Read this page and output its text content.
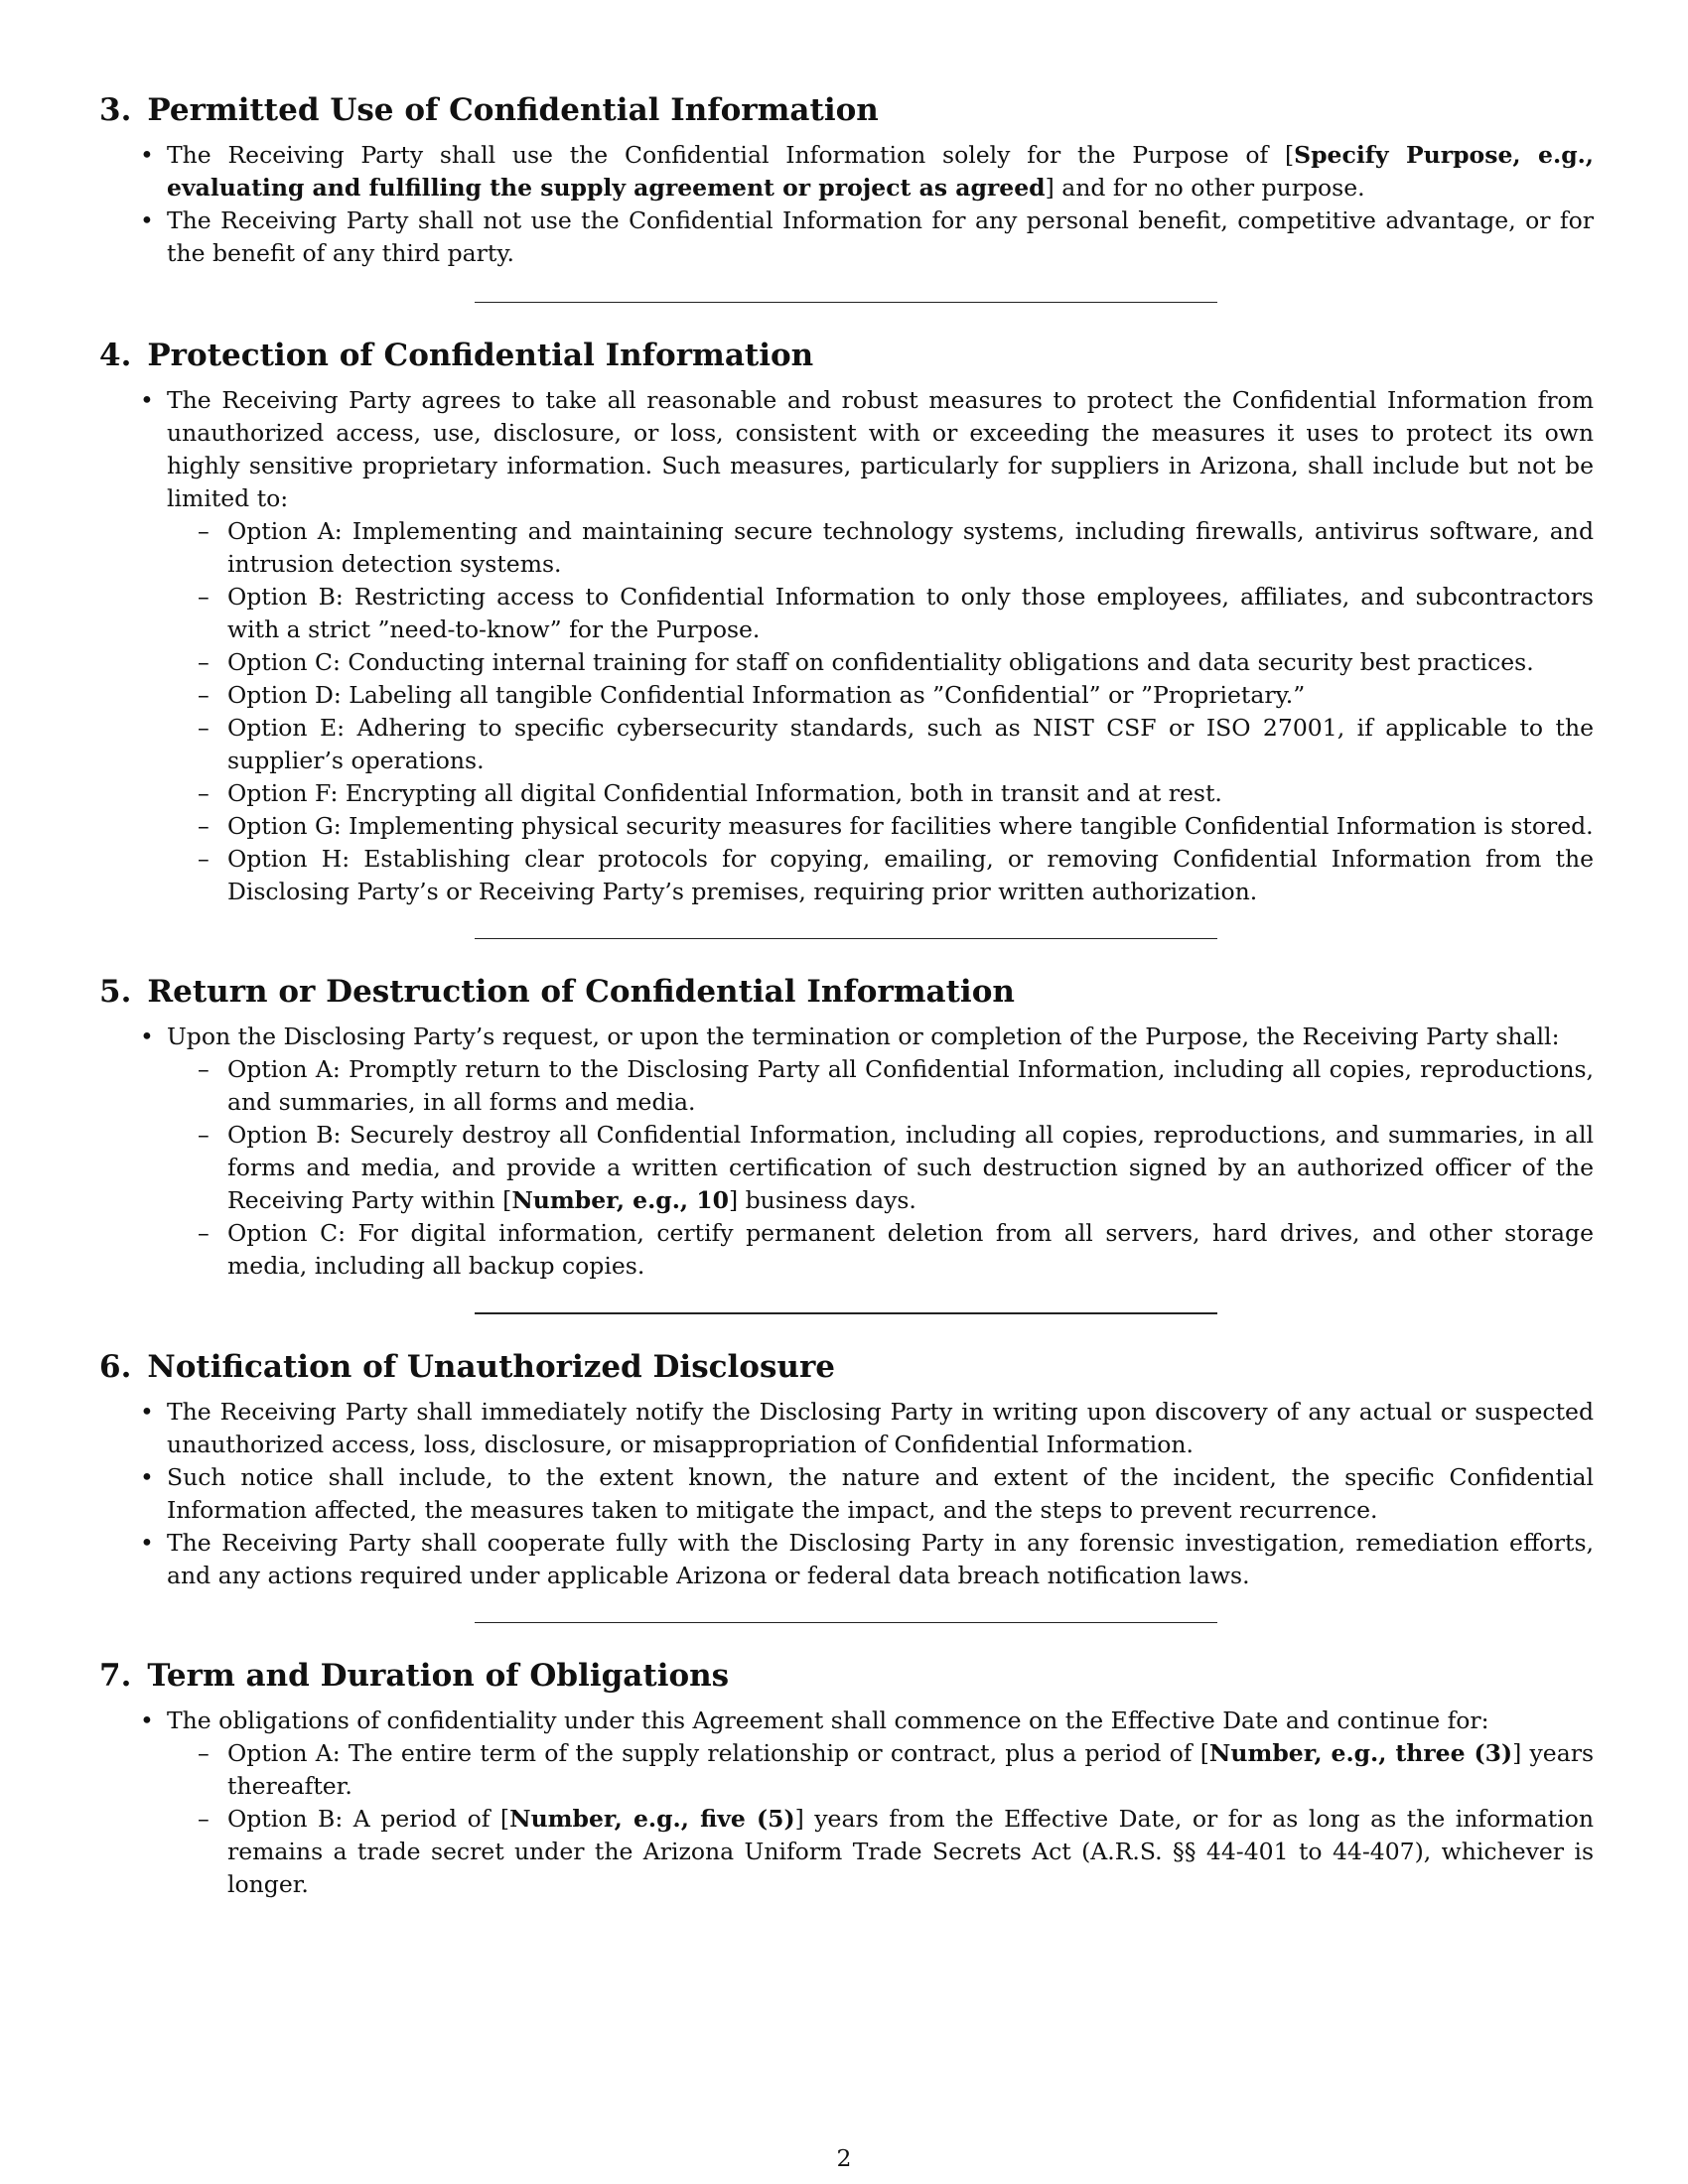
3. Permitted Use of Confidential Information
• The Receiving Party shall use the Confidential Information solely for the Purpose of [Specify Purpose, e.g., evaluating and fulfilling the supply agreement or project as agreed] and for no other purpose.
• The Receiving Party shall not use the Confidential Information for any personal benefit, competitive advantage, or for the benefit of any third party.
4. Protection of Confidential Information
• The Receiving Party agrees to take all reasonable and robust measures to protect the Confidential Information from unauthorized access, use, disclosure, or loss, consistent with or exceeding the measures it uses to protect its own highly sensitive proprietary information. Such measures, particularly for suppliers in Arizona, shall include but not be limited to:
– Option A: Implementing and maintaining secure technology systems, including firewalls, antivirus software, and intrusion detection systems.
– Option B: Restricting access to Confidential Information to only those employees, affiliates, and subcontractors with a strict ”need-to-know” for the Purpose.
– Option C: Conducting internal training for staff on confidentiality obligations and data security best practices.
– Option D: Labeling all tangible Confidential Information as ”Confidential” or ”Proprietary.”
– Option E: Adhering to specific cybersecurity standards, such as NIST CSF or ISO 27001, if applicable to the supplier’s operations.
– Option F: Encrypting all digital Confidential Information, both in transit and at rest.
– Option G: Implementing physical security measures for facilities where tangible Confidential Information is stored.
– Option H: Establishing clear protocols for copying, emailing, or removing Confidential Information from the Disclosing Party’s or Receiving Party’s premises, requiring prior written authorization.
5. Return or Destruction of Confidential Information
• Upon the Disclosing Party’s request, or upon the termination or completion of the Purpose, the Receiving Party shall:
– Option A: Promptly return to the Disclosing Party all Confidential Information, including all copies, reproductions, and summaries, in all forms and media.
– Option B: Securely destroy all Confidential Information, including all copies, reproductions, and summaries, in all forms and media, and provide a written certification of such destruction signed by an authorized officer of the Receiving Party within [Number, e.g., 10] business days.
– Option C: For digital information, certify permanent deletion from all servers, hard drives, and other storage media, including all backup copies.
6. Notification of Unauthorized Disclosure
• The Receiving Party shall immediately notify the Disclosing Party in writing upon discovery of any actual or suspected unauthorized access, loss, disclosure, or misappropriation of Confidential Information.
• Such notice shall include, to the extent known, the nature and extent of the incident, the specific Confidential Information affected, the measures taken to mitigate the impact, and the steps to prevent recurrence.
• The Receiving Party shall cooperate fully with the Disclosing Party in any forensic investigation, remediation efforts, and any actions required under applicable Arizona or federal data breach notification laws.
7. Term and Duration of Obligations
• The obligations of confidentiality under this Agreement shall commence on the Effective Date and continue for:
– Option A: The entire term of the supply relationship or contract, plus a period of [Number, e.g., three (3)] years thereafter.
– Option B: A period of [Number, e.g., five (5)] years from the Effective Date, or for as long as the information remains a trade secret under the Arizona Uniform Trade Secrets Act (A.R.S. §§ 44-401 to 44-407), whichever is longer.
2
